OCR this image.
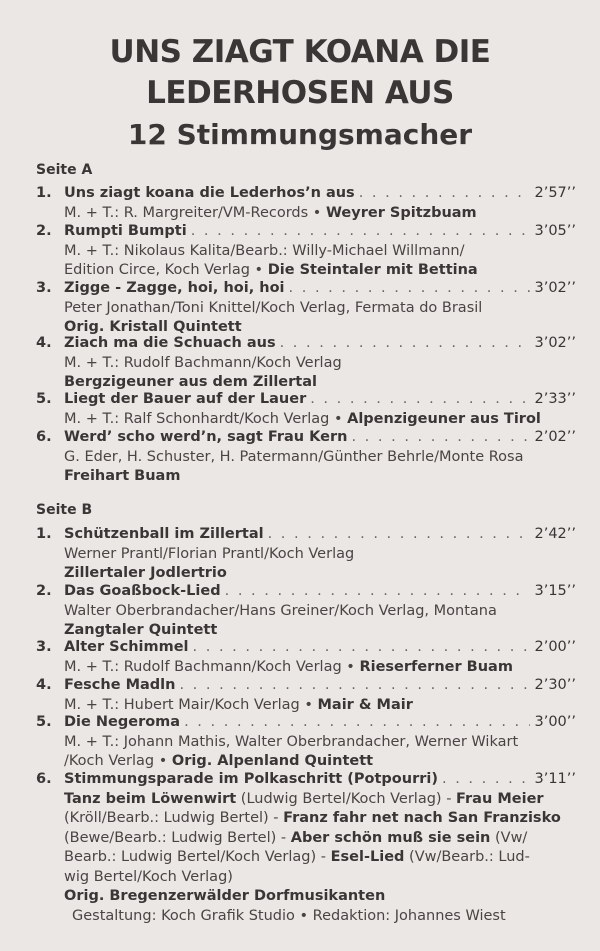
UNS ZIAGT KOANA DIE
LEDERHOSEN AUS
12 Stimmungsmacher
Seite A
1. Uns ziagt koana die Lederhos’n aus . . .	2’57’’
M. + T.: R. Margreiter/VM-Records • Weyrer Spitzbuam
2. Rumpti Bumpti . . .	3’05’’
M. + T.: Nikolaus Kalita/Bearb.: Willy-Michael Willmann/
Edition Circe, Koch Verlag • Die Steintaler mit Bettina
3. Zigge - Zagge, hoi, hoi, hoi . . .	3’02’’
Peter Jonathan/Toni Knittel/Koch Verlag, Fermata do Brasil
Orig. Kristall Quintett
4. Ziach ma die Schuach aus . . .	3’02’’
M. + T.: Rudolf Bachmann/Koch Verlag
Bergzigeuner aus dem Zillertal
5. Liegt der Bauer auf der Lauer . . .	2’33’’
M. + T.: Ralf Schonhardt/Koch Verlag • Alpenzigeuner aus Tirol
6. Werd’ scho werd’n, sagt Frau Kern . . .	2’02’’
G. Eder, H. Schuster, H. Patermann/Günther Behrle/Monte Rosa
Freihart Buam
Seite B
1. Schützenball im Zillertal . . .	2’42’’
Werner Prantl/Florian Prantl/Koch Verlag
Zillertaler Jodlertrio
2. Das Goaßbock-Lied . . .	3’15’’
Walter Oberbrandacher/Hans Greiner/Koch Verlag, Montana
Zangtaler Quintett
3. Alter Schimmel . . .	2’00’’
M. + T.: Rudolf Bachmann/Koch Verlag • Rieserferner Buam
4. Fesche Madln . . .	2’30’’
M. + T.: Hubert Mair/Koch Verlag • Mair & Mair
5. Die Negeroma . . .	3’00’’
M. + T.: Johann Mathis, Walter Oberbrandacher, Werner Wikart
/Koch Verlag • Orig. Alpenland Quintett
6. Stimmungsparade im Polkaschritt (Potpourri) . . .	3’11’’
Tanz beim Löwenwirt (Ludwig Bertel/Koch Verlag) - Frau Meier
(Kröll/Bearb.: Ludwig Bertel) - Franz fahr net nach San Franzisko
(Bewe/Bearb.: Ludwig Bertel) - Aber schön muß sie sein (Vw/
Bearb.: Ludwig Bertel/Koch Verlag) - Esel-Lied (Vw/Bearb.: Lud-
wig Bertel/Koch Verlag)
Orig. Bregenzerwälder Dorfmusikanten
Gestaltung: Koch Grafik Studio • Redaktion: Johannes Wiest
